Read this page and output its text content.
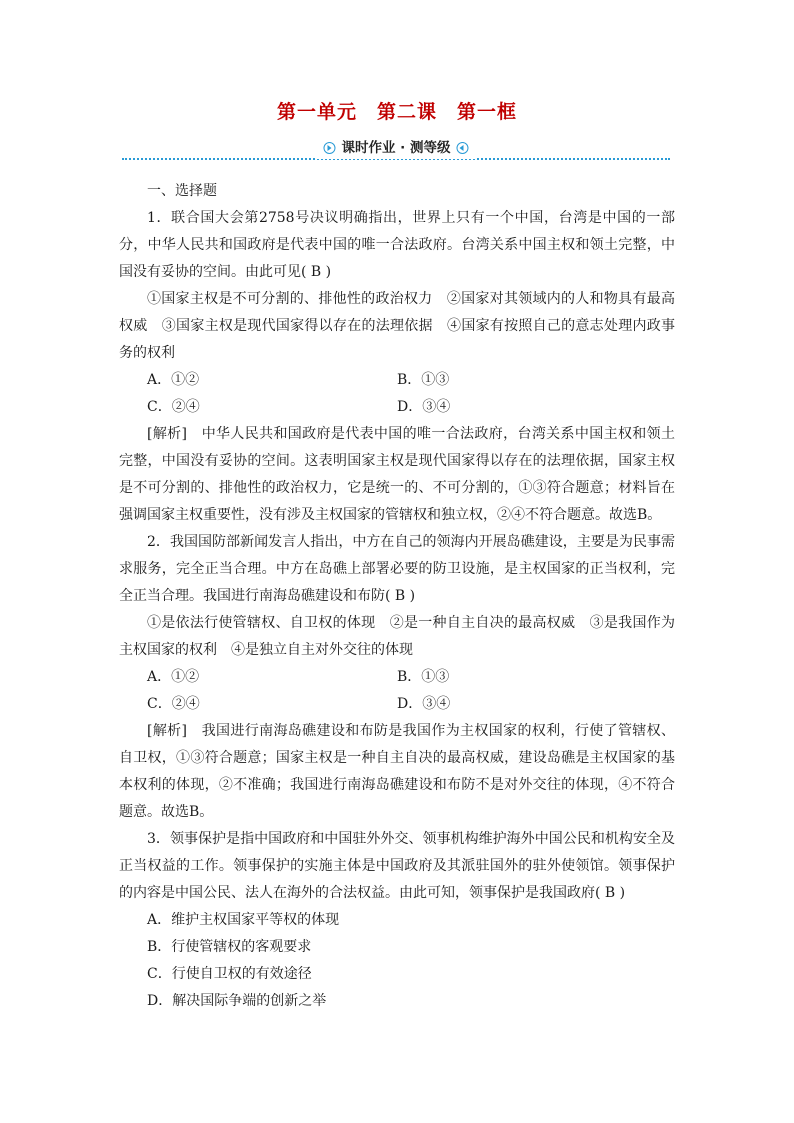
第一单元　第二课　第一框
课时作业 · 测等级

一、选择题

1．联合国大会第2758号决议明确指出，世界上只有一个中国，台湾是中国的一部分，中华人民共和国政府是代表中国的唯一合法政府。台湾关系中国主权和领土完整，中国没有妥协的空间。由此可见( B )

①国家主权是不可分割的、排他性的政治权力　②国家对其领域内的人和物具有最高权威　③国家主权是现代国家得以存在的法理依据　④国家有按照自己的意志处理内政事务的权利

A．①②	B．①③
C．②④	D．③④

[解析]　中华人民共和国政府是代表中国的唯一合法政府，台湾关系中国主权和领土完整，中国没有妥协的空间。这表明国家主权是现代国家得以存在的法理依据，国家主权是不可分割的、排他性的政治权力，它是统一的、不可分割的，①③符合题意；材料旨在强调国家主权重要性，没有涉及主权国家的管辖权和独立权，②④不符合题意。故选B。

2．我国国防部新闻发言人指出，中方在自己的领海内开展岛礁建设，主要是为民事需求服务，完全正当合理。中方在岛礁上部署必要的防卫设施，是主权国家的正当权利，完全正当合理。我国进行南海岛礁建设和布防( B )

①是依法行使管辖权、自卫权的体现　②是一种自主自决的最高权威　③是我国作为主权国家的权利　④是独立自主对外交往的体现

A．①②	B．①③
C．②④	D．③④

[解析]　我国进行南海岛礁建设和布防是我国作为主权国家的权利，行使了管辖权、自卫权，①③符合题意；国家主权是一种自主自决的最高权威，建设岛礁是主权国家的基本权利的体现，②不准确；我国进行南海岛礁建设和布防不是对外交往的体现，④不符合题意。故选B。

3．领事保护是指中国政府和中国驻外外交、领事机构维护海外中国公民和机构安全及正当权益的工作。领事保护的实施主体是中国政府及其派驻国外的驻外使领馆。领事保护的内容是中国公民、法人在海外的合法权益。由此可知，领事保护是我国政府( B )

A．维护主权国家平等权的体现

B．行使管辖权的客观要求

C．行使自卫权的有效途径

D．解决国际争端的创新之举
